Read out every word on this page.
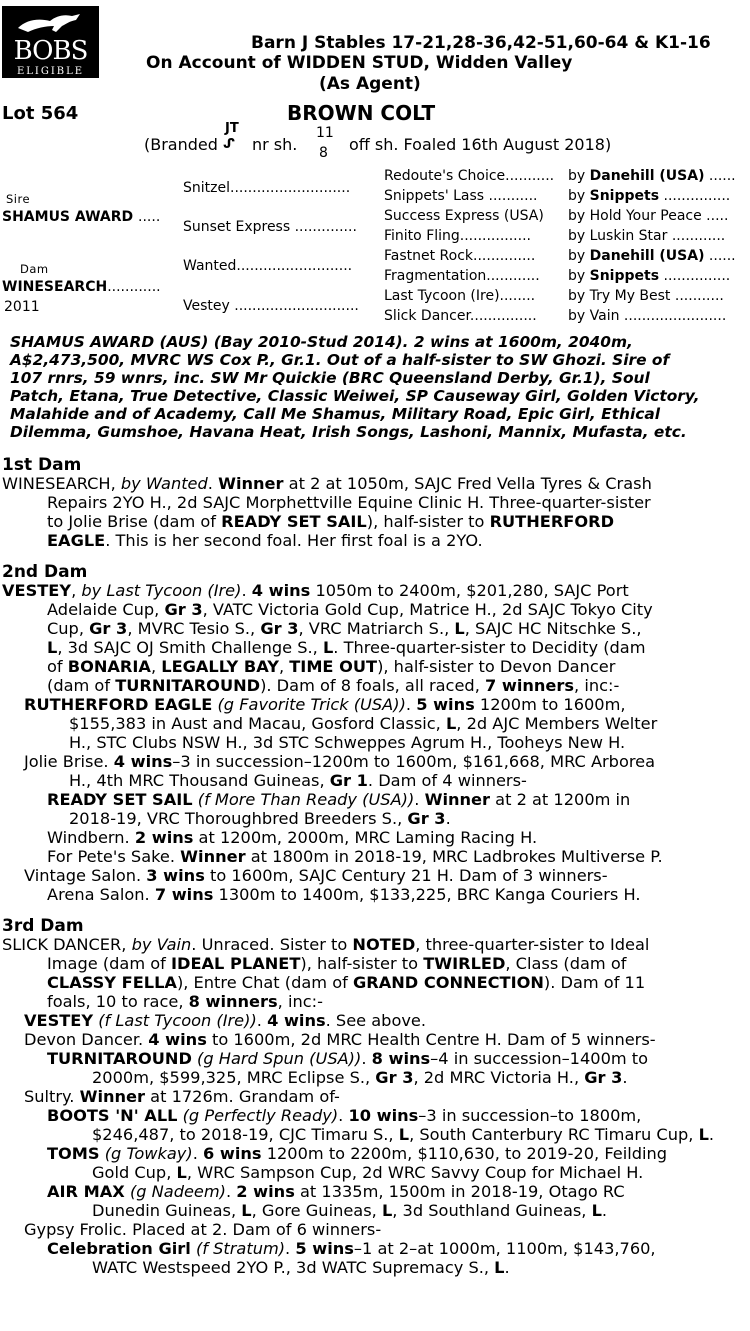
BOBS
ELIGIBLE
Barn J Stables 17-21,28-36,42-51,60-64 & K1-16
On Account of WIDDEN STUD, Widden Valley
(As Agent)
Lot 564	BROWN COLT
(Branded
JT
ᔑ nr sh.
11
8 off sh. Foaled 16th August 2018)
Sire
SHAMUS AWARD .....
Dam
WINESEARCH............
2011
Snitzel...........................
Sunset Express ..............
Wanted..........................
Vestey ............................
Redoute's Choice........... by Danehill (USA) ......
Snippets' Lass ........... by Snippets ...............
Success Express (USA) by Hold Your Peace .....
Finito Fling................	by Luskin Star ............
Fastnet Rock.............. by Danehill (USA) ......
Fragmentation............ by Snippets ...............
Last Tycoon (Ire)........ by Try My Best ...........
Slick Dancer............... by Vain .......................
SHAMUS AWARD (AUS) (Bay 2010-Stud 2014). 2 wins at 1600m, 2040m,
A$2,473,500, MVRC WS Cox P., Gr.1. Out of a half-sister to SW Ghozi. Sire of
107 rnrs, 59 wnrs, inc. SW Mr Quickie (BRC Queensland Derby, Gr.1), Soul
Patch, Etana, True Detective, Classic Weiwei, SP Causeway Girl, Golden Victory,
Malahide and of Academy, Call Me Shamus, Military Road, Epic Girl, Ethical
Dilemma, Gumshoe, Havana Heat, Irish Songs, Lashoni, Mannix, Mufasta, etc.
1st Dam
2nd Dam
3rd Dam
WINESEARCH, by Wanted. Winner at 2 at 1050m, SAJC Fred Vella Tyres & Crash
Repairs 2YO H., 2d SAJC Morphettville Equine Clinic H. Three-quarter-sister
to Jolie Brise (dam of READY SET SAIL), half-sister to RUTHERFORD
EAGLE. This is her second foal. Her first foal is a 2YO.
VESTEY, by Last Tycoon (Ire). 4 wins 1050m to 2400m, $201,280, SAJC Port
Adelaide Cup, Gr 3, VATC Victoria Gold Cup, Matrice H., 2d SAJC Tokyo City
Cup, Gr 3, MVRC Tesio S., Gr 3, VRC Matriarch S., L, SAJC HC Nitschke S.,
L, 3d SAJC OJ Smith Challenge S., L. Three-quarter-sister to Decidity (dam
of BONARIA, LEGALLY BAY, TIME OUT), half-sister to Devon Dancer
(dam of TURNITAROUND). Dam of 8 foals, all raced, 7 winners, inc:-
RUTHERFORD EAGLE (g Favorite Trick (USA)). 5 wins 1200m to 1600m,
$155,383 in Aust and Macau, Gosford Classic, L, 2d AJC Members Welter
H., STC Clubs NSW H., 3d STC Schweppes Agrum H., Tooheys New H.
Jolie Brise. 4 wins–3 in succession–1200m to 1600m, $161,668, MRC Arborea
H., 4th MRC Thousand Guineas, Gr 1. Dam of 4 winners-
READY SET SAIL (f More Than Ready (USA)). Winner at 2 at 1200m in
2018-19, VRC Thoroughbred Breeders S., Gr 3.
Windbern. 2 wins at 1200m, 2000m, MRC Laming Racing H.
For Pete's Sake. Winner at 1800m in 2018-19, MRC Ladbrokes Multiverse P.
Vintage Salon. 3 wins to 1600m, SAJC Century 21 H. Dam of 3 winners-
Arena Salon. 7 wins 1300m to 1400m, $133,225, BRC Kanga Couriers H.
SLICK DANCER, by Vain. Unraced. Sister to NOTED, three-quarter-sister to Ideal
Image (dam of IDEAL PLANET), half-sister to TWIRLED, Class (dam of
CLASSY FELLA), Entre Chat (dam of GRAND CONNECTION). Dam of 11
foals, 10 to race, 8 winners, inc:-
VESTEY (f Last Tycoon (Ire)). 4 wins. See above.
Devon Dancer. 4 wins to 1600m, 2d MRC Health Centre H. Dam of 5 winners-
TURNITAROUND (g Hard Spun (USA)). 8 wins–4 in succession–1400m to
2000m, $599,325, MRC Eclipse S., Gr 3, 2d MRC Victoria H., Gr 3.
Sultry. Winner at 1726m. Grandam of-
BOOTS 'N' ALL (g Perfectly Ready). 10 wins–3 in succession–to 1800m,
$246,487, to 2018-19, CJC Timaru S., L, South Canterbury RC Timaru Cup, L.
TOMS (g Towkay). 6 wins 1200m to 2200m, $110,630, to 2019-20, Feilding
Gold Cup, L, WRC Sampson Cup, 2d WRC Savvy Coup for Michael H.
AIR MAX (g Nadeem). 2 wins at 1335m, 1500m in 2018-19, Otago RC
Dunedin Guineas, L, Gore Guineas, L, 3d Southland Guineas, L.
Gypsy Frolic. Placed at 2. Dam of 6 winners-
Celebration Girl (f Stratum). 5 wins–1 at 2–at 1000m, 1100m, $143,760,
WATC Westspeed 2YO P., 3d WATC Supremacy S., L.
